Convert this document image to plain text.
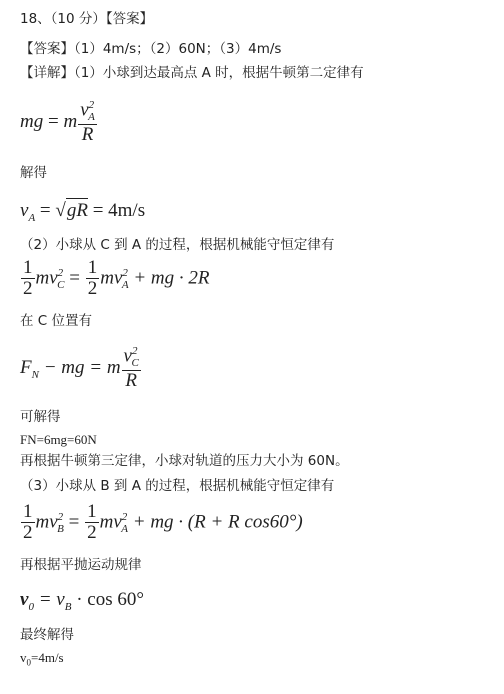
18、（10 分）【答案】
【答案】（1）4m/s；（2）60N；（3）4m/s
【详解】（1）小球到达最高点 A 时，根据牛顿第二定律有
mg = m $\frac{v^2_A}{R}$
解得
$v_A = √gR = 4m/s$
（2）小球从 C 到 A 的过程，根据机械能守恒定律有
$\frac{1}{2} mv^2_C = \frac{1}{2} mv^2_A$ + mg · 2R
在 C 位置有
$F_N$ − mg = m $\frac{v^2_C}{R}$
可解得
FN=6mg=60N
再根据牛顿第三定律，小球对轨道的压力大小为 60N。
（3）小球从 B 到 A 的过程，根据机械能守恒定律有
$\frac{1}{2} mv^2_B = \frac{1}{2} mv^2_A$ + mg · (R + R cos60°)
再根据平抛运动规律
$v_0 = v_B \cdot \cos 60^\circ$
最终解得
$v_0=4m/s$
